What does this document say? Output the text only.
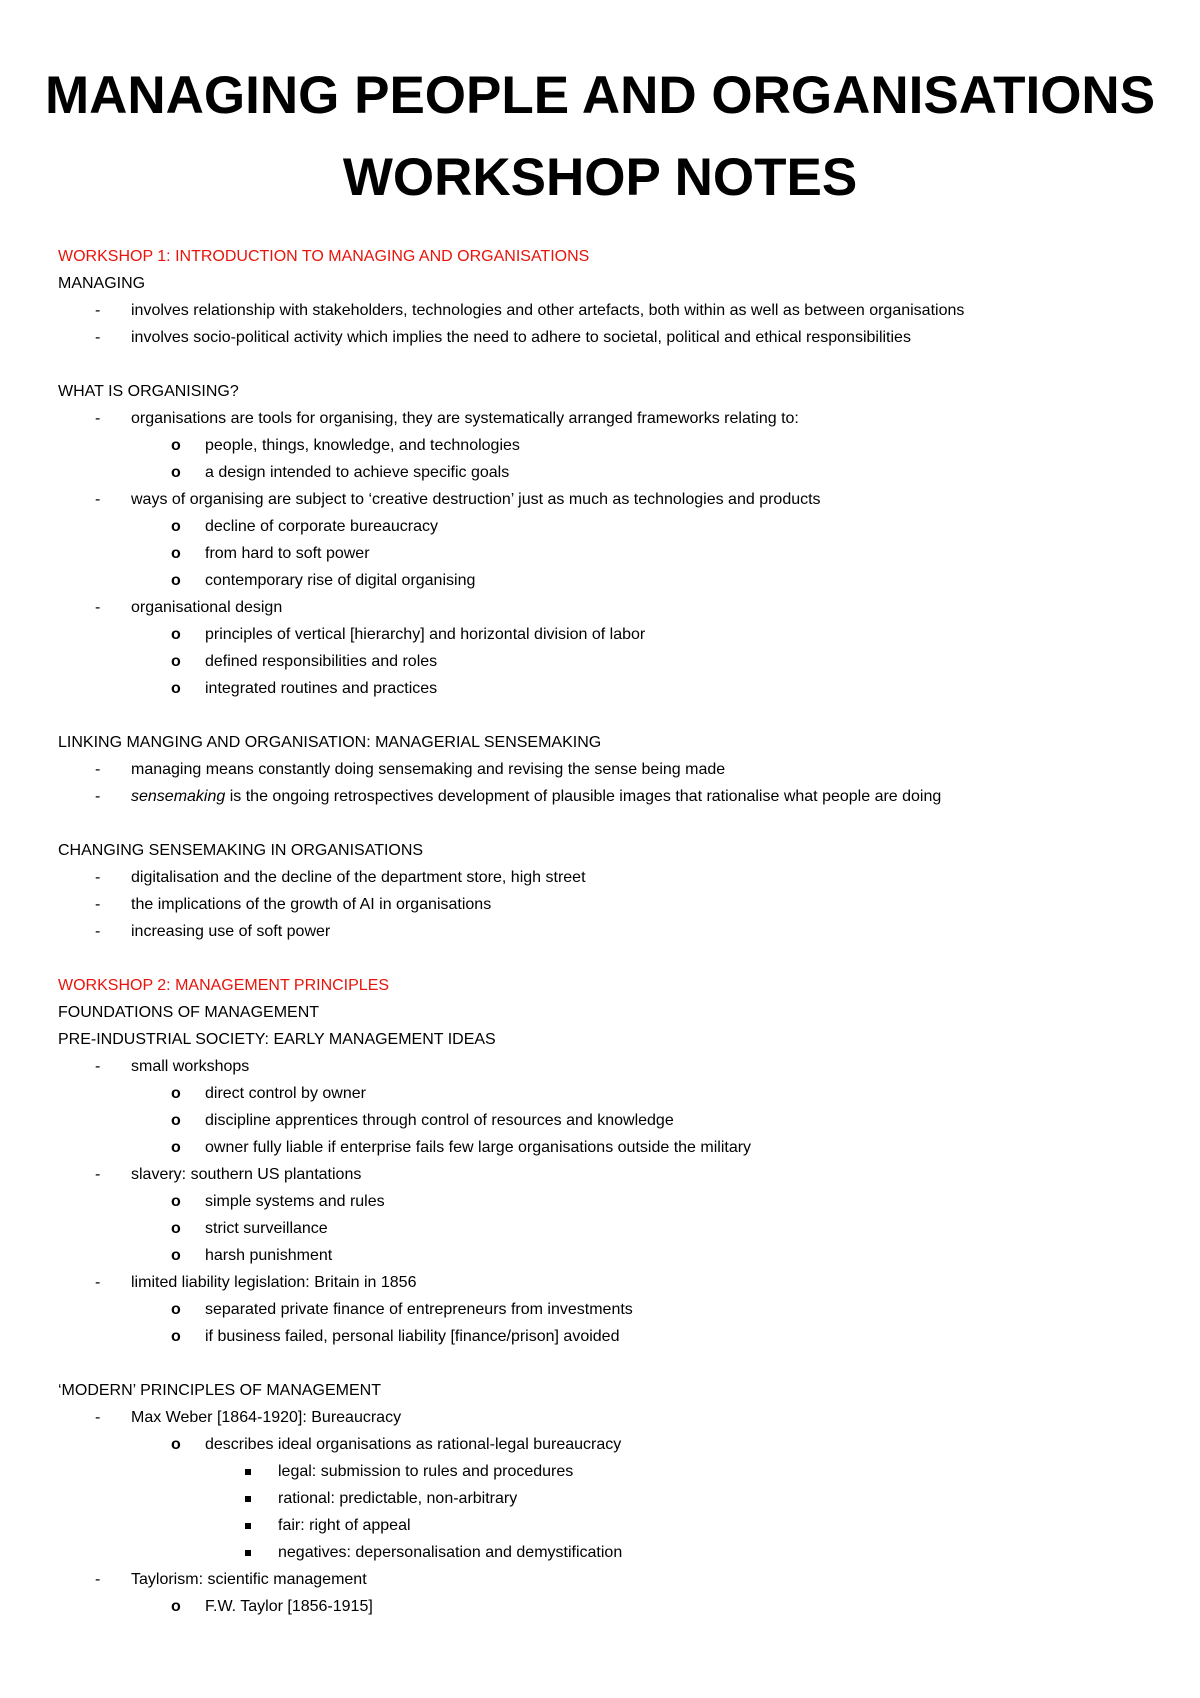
MANAGING PEOPLE AND ORGANISATIONS
WORKSHOP NOTES
WORKSHOP 1: INTRODUCTION TO MANAGING AND ORGANISATIONS
MANAGING
- involves relationship with stakeholders, technologies and other artefacts, both within as well as between organisations
- involves socio-political activity which implies the need to adhere to societal, political and ethical responsibilities
WHAT IS ORGANISING?
- organisations are tools for organising, they are systematically arranged frameworks relating to:
o people, things, knowledge, and technologies
o a design intended to achieve specific goals
- ways of organising are subject to ‘creative destruction’ just as much as technologies and products
o decline of corporate bureaucracy
o from hard to soft power
o contemporary rise of digital organising
- organisational design
o principles of vertical [hierarchy] and horizontal division of labor
o defined responsibilities and roles
o integrated routines and practices
LINKING MANGING AND ORGANISATION: MANAGERIAL SENSEMAKING
- managing means constantly doing sensemaking and revising the sense being made
- sensemaking is the ongoing retrospectives development of plausible images that rationalise what people are doing
CHANGING SENSEMAKING IN ORGANISATIONS
- digitalisation and the decline of the department store, high street
- the implications of the growth of AI in organisations
- increasing use of soft power
WORKSHOP 2: MANAGEMENT PRINCIPLES
FOUNDATIONS OF MANAGEMENT
PRE-INDUSTRIAL SOCIETY: EARLY MANAGEMENT IDEAS
- small workshops
o direct control by owner
o discipline apprentices through control of resources and knowledge
o owner fully liable if enterprise fails few large organisations outside the military
- slavery: southern US plantations
o simple systems and rules
o strict surveillance
o harsh punishment
- limited liability legislation: Britain in 1856
o separated private finance of entrepreneurs from investments
o if business failed, personal liability [finance/prison] avoided
‘MODERN’ PRINCIPLES OF MANAGEMENT
- Max Weber [1864-1920]: Bureaucracy
o describes ideal organisations as rational-legal bureaucracy
legal: submission to rules and procedures
rational: predictable, non-arbitrary
fair: right of appeal
negatives: depersonalisation and demystification
- Taylorism: scientific management
o F.W. Taylor [1856-1915]
